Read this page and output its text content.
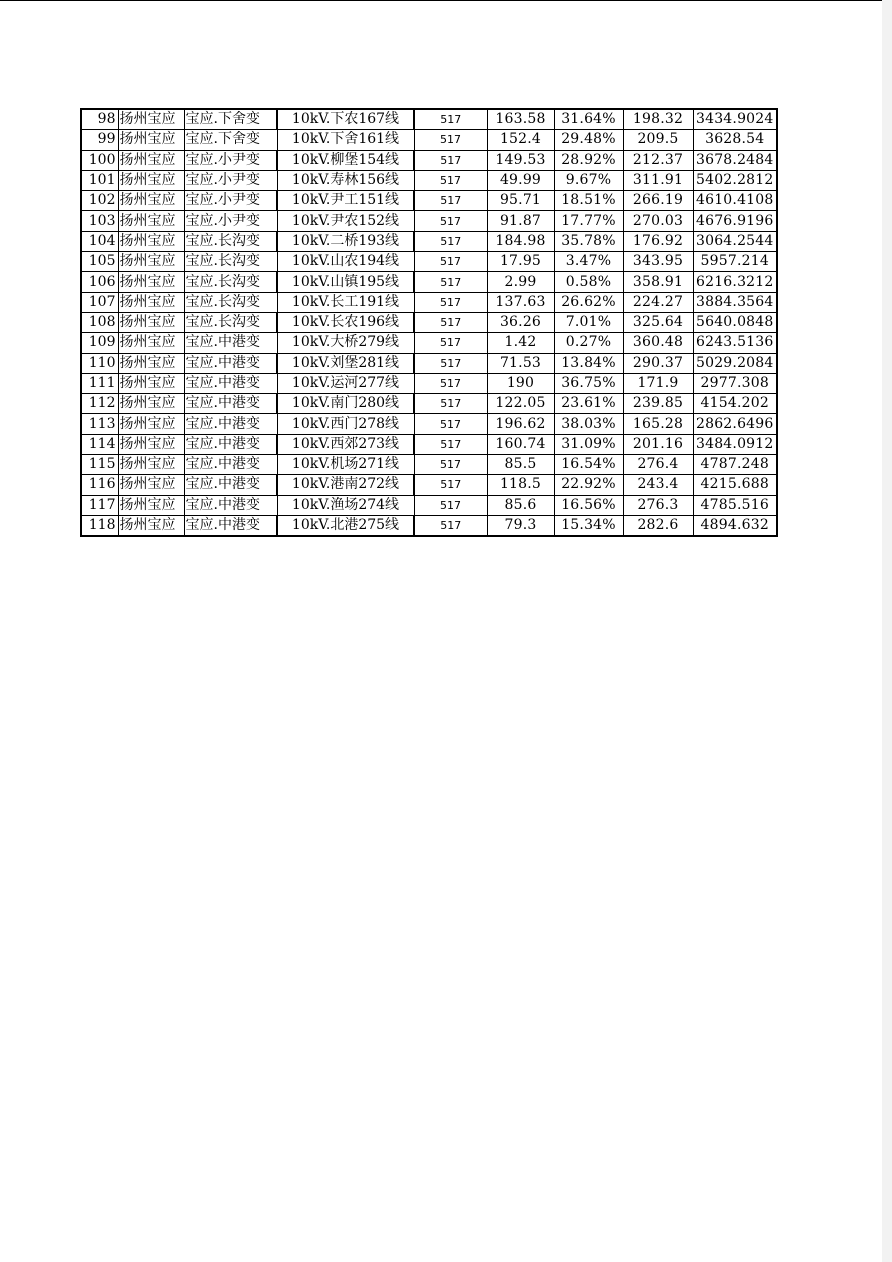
98	扬州宝应	宝应.下舍变	10kV.下农167线	517	163.58	31.64%	198.32	3434.9024
99	扬州宝应	宝应.下舍变	10kV.下舍161线	517	152.4	29.48%	209.5	3628.54
100	扬州宝应	宝应.小尹变	10kV.柳堡154线	517	149.53	28.92%	212.37	3678.2484
101	扬州宝应	宝应.小尹变	10kV.寿林156线	517	49.99	9.67%	311.91	5402.2812
102	扬州宝应	宝应.小尹变	10kV.尹工151线	517	95.71	18.51%	266.19	4610.4108
103	扬州宝应	宝应.小尹变	10kV.尹农152线	517	91.87	17.77%	270.03	4676.9196
104	扬州宝应	宝应.长沟变	10kV.二桥193线	517	184.98	35.78%	176.92	3064.2544
105	扬州宝应	宝应.长沟变	10kV.山农194线	517	17.95	3.47%	343.95	5957.214
106	扬州宝应	宝应.长沟变	10kV.山镇195线	517	2.99	0.58%	358.91	6216.3212
107	扬州宝应	宝应.长沟变	10kV.长工191线	517	137.63	26.62%	224.27	3884.3564
108	扬州宝应	宝应.长沟变	10kV.长农196线	517	36.26	7.01%	325.64	5640.0848
109	扬州宝应	宝应.中港变	10kV.大桥279线	517	1.42	0.27%	360.48	6243.5136
110	扬州宝应	宝应.中港变	10kV.刘堡281线	517	71.53	13.84%	290.37	5029.2084
111	扬州宝应	宝应.中港变	10kV.运河277线	517	190	36.75%	171.9	2977.308
112	扬州宝应	宝应.中港变	10kV.南门280线	517	122.05	23.61%	239.85	4154.202
113	扬州宝应	宝应.中港变	10kV.西门278线	517	196.62	38.03%	165.28	2862.6496
114	扬州宝应	宝应.中港变	10kV.西郊273线	517	160.74	31.09%	201.16	3484.0912
115	扬州宝应	宝应.中港变	10kV.机场271线	517	85.5	16.54%	276.4	4787.248
116	扬州宝应	宝应.中港变	10kV.港南272线	517	118.5	22.92%	243.4	4215.688
117	扬州宝应	宝应.中港变	10kV.渔场274线	517	85.6	16.56%	276.3	4785.516
118	扬州宝应	宝应.中港变	10kV.北港275线	517	79.3	15.34%	282.6	4894.632
